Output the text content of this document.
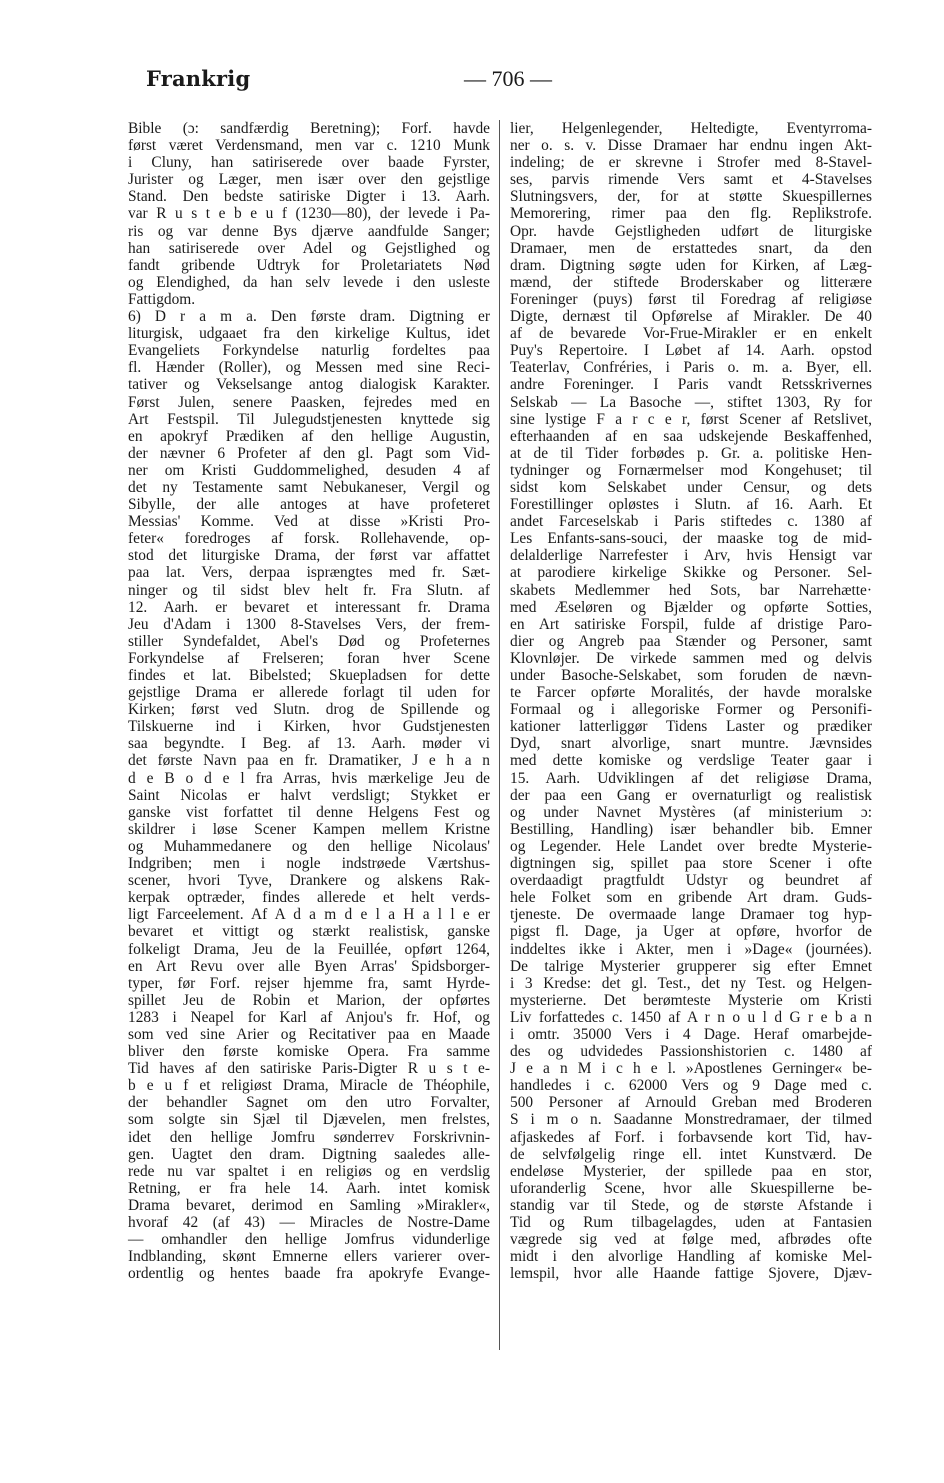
Frankrig	— 706 —
Bible (ɔ: sandfærdig Beretning); Forf. havde
først været Verdensmand, men var c. 1210 Munk
i Cluny, han satiriserede over baade Fyrster,
Jurister og Læger, men især over den gejstlige
Stand. Den bedste satiriske Digter i 13. Aarh.
var R u s t e b e u f (1230—80), der levede i Pa-
ris og var denne Bys djærve aandfulde Sanger;
han satiriserede over Adel og Gejstlighed og
fandt gribende Udtryk for Proletariatets Nød
og Elendighed, da han selv levede i den usleste
Fattigdom.
6) D r a m a. Den første dram. Digtning er
liturgisk, udgaaet fra den kirkelige Kultus, idet
Evangeliets Forkyndelse naturlig fordeltes paa
fl. Hænder (Roller), og Messen med sine Reci-
tativer og Vekselsange antog dialogisk Karakter.
Først Julen, senere Paasken, fejredes med en
Art Festspil. Til Julegudstjenesten knyttede sig
en apokryf Prædiken af den hellige Augustin,
der nævner 6 Profeter af den gl. Pagt som Vid-
ner om Kristi Guddommelighed, desuden 4 af
det ny Testamente samt Nebukaneser, Vergil og
Sibylle, der alle antoges at have profeteret
Messias' Komme. Ved at disse »Kristi Pro-
feter« foredroges af forsk. Rollehavende, op-
stod det liturgiske Drama, der først var affattet
paa lat. Vers, derpaa isprængtes med fr. Sæt-
ninger og til sidst blev helt fr. Fra Slutn. af
12. Aarh. er bevaret et interessant fr. Drama
Jeu d'Adam i 1300 8-Stavelses Vers, der frem-
stiller Syndefaldet, Abel's Død og Profeternes
Forkyndelse af Frelseren; foran hver Scene
findes et lat. Bibelsted; Skuepladsen for dette
gejstlige Drama er allerede forlagt til uden for
Kirken; først ved Slutn. drog de Spillende og
Tilskuerne ind i Kirken, hvor Gudstjenesten
saa begyndte. I Beg. af 13. Aarh. møder vi
det første Navn paa en fr. Dramatiker, J e h a n
d e B o d e l fra Arras, hvis mærkelige Jeu de
Saint Nicolas er halvt verdsligt; Stykket er
ganske vist forfattet til denne Helgens Fest og
skildrer i løse Scener Kampen mellem Kristne
og Muhammedanere og den hellige Nicolaus'
Indgriben; men i nogle indstrøede Værtshus-
scener, hvori Tyve, Drankere og alskens Rak-
kerpak optræder, findes allerede et helt verds-
ligt Farceelement. Af A d a m d e l a H a l l e er
bevaret et vittigt og stærkt realistisk, ganske
folkeligt Drama, Jeu de la Feuillée, opført 1264,
en Art Revu over alle Byen Arras' Spidsborger-
typer, før Forf. rejser hjemme fra, samt Hyrde-
spillet Jeu de Robin et Marion, der opførtes
1283 i Neapel for Karl af Anjou's fr. Hof, og
som ved sine Arier og Recitativer paa en Maade
bliver den første komiske Opera. Fra samme
Tid haves af den satiriske Paris-Digter R u s t e-
b e u f et religiøst Drama, Miracle de Théophile,
der behandler Sagnet om den utro Forvalter,
som solgte sin Sjæl til Djævelen, men frelstes,
idet den hellige Jomfru sønderrev Forskrivnin-
gen. Uagtet den dram. Digtning saaledes alle-
rede nu var spaltet i en religiøs og en verdslig
Retning, er fra hele 14. Aarh. intet komisk
Drama bevaret, derimod en Samling »Mirakler«,
hvoraf 42 (af 43) — Miracles de Nostre-Dame
— omhandler den hellige Jomfrus vidunderlige
Indblanding, skønt Emnerne ellers varierer over-
ordentlig og hentes baade fra apokryfe Evange-
lier, Helgenlegender, Heltedigte, Eventyrroma-
ner o. s. v. Disse Dramaer har endnu ingen Akt-
indeling; de er skrevne i Strofer med 8-Stavel-
ses, parvis rimende Vers samt et 4-Stavelses
Slutningsvers, der, for at støtte Skuespillernes
Memorering, rimer paa den flg. Replikstrofe.
Opr. havde Gejstligheden udført de liturgiske
Dramaer, men de erstattedes snart, da den
dram. Digtning søgte uden for Kirken, af Læg-
mænd, der stiftede Broderskaber og litterære
Foreninger (puys) først til Foredrag af religiøse
Digte, dernæst til Opførelse af Mirakler. De 40
af de bevarede Vor-Frue-Mirakler er en enkelt
Puy's Repertoire. I Løbet af 14. Aarh. opstod
Teaterlav, Confréries, i Paris o. m. a. Byer, ell.
andre Foreninger. I Paris vandt Retsskrivernes
Selskab — La Basoche —, stiftet 1303, Ry for
sine lystige F a r c e r, først Scener af Retslivet,
efterhaanden af en saa udskejende Beskaffenhed,
at de til Tider forbødes p. Gr. a. politiske Hen-
tydninger og Fornærmelser mod Kongehuset; til
sidst kom Selskabet under Censur, og dets
Forestillinger opløstes i Slutn. af 16. Aarh. Et
andet Farceselskab i Paris stiftedes c. 1380 af
Les Enfants-sans-souci, der maaske tog de mid-
delalderlige Narrefester i Arv, hvis Hensigt var
at parodiere kirkelige Skikke og Personer. Sel-
skabets Medlemmer hed Sots, bar Narrehætte·
med Æseløren og Bjælder og opførte Sotties,
en Art satiriske Forspil, fulde af dristige Paro-
dier og Angreb paa Stænder og Personer, samt
Klovnløjer. De virkede sammen med og delvis
under Basoche-Selskabet, som foruden de nævn-
te Farcer opførte Moralités, der havde moralske
Formaal og i allegoriske Former og Personifi-
kationer latterliggør Tidens Laster og prædiker
Dyd, snart alvorlige, snart muntre. Jævnsides
med dette komiske og verdslige Teater gaar i
15. Aarh. Udviklingen af det religiøse Drama,
der paa een Gang er overnaturligt og realistisk
og under Navnet Mystères (af ministerium ɔ:
Bestilling, Handling) især behandler bib. Emner
og Legender. Hele Landet over bredte Mysterie-
digtningen sig, spillet paa store Scener i ofte
overdaadigt pragtfuldt Udstyr og beundret af
hele Folket som en gribende Art dram. Guds-
tjeneste. De overmaade lange Dramaer tog hyp-
pigst fl. Dage, ja Uger at opføre, hvorfor de
inddeltes ikke i Akter, men i »Dage« (journées).
De talrige Mysterier grupperer sig efter Emnet
i 3 Kredse: det gl. Test., det ny Test. og Helgen-
mysterierne. Det berømteste Mysterie om Kristi
Liv forfattedes c. 1450 af A r n o u l d G r e b a n
i omtr. 35000 Vers i 4 Dage. Heraf omarbejde-
des og udvidedes Passionshistorien c. 1480 af
J e a n M i c h e l. »Apostlenes Gerninger« be-
handledes i c. 62000 Vers og 9 Dage med c.
500 Personer af Arnould Greban med Broderen
S i m o n. Saadanne Monstredramaer, der tilmed
afjaskedes af Forf. i forbavsende kort Tid, hav-
de selvfølgelig ringe ell. intet Kunstværd. De
endeløse Mysterier, der spillede paa en stor,
uforanderlig Scene, hvor alle Skuespillerne be-
standig var til Stede, og de største Afstande i
Tid og Rum tilbagelagdes, uden at Fantasien
vægrede sig ved at følge med, afbrødes ofte
midt i den alvorlige Handling af komiske Mel-
lemspil, hvor alle Haande fattige Sjovere, Djæv-
